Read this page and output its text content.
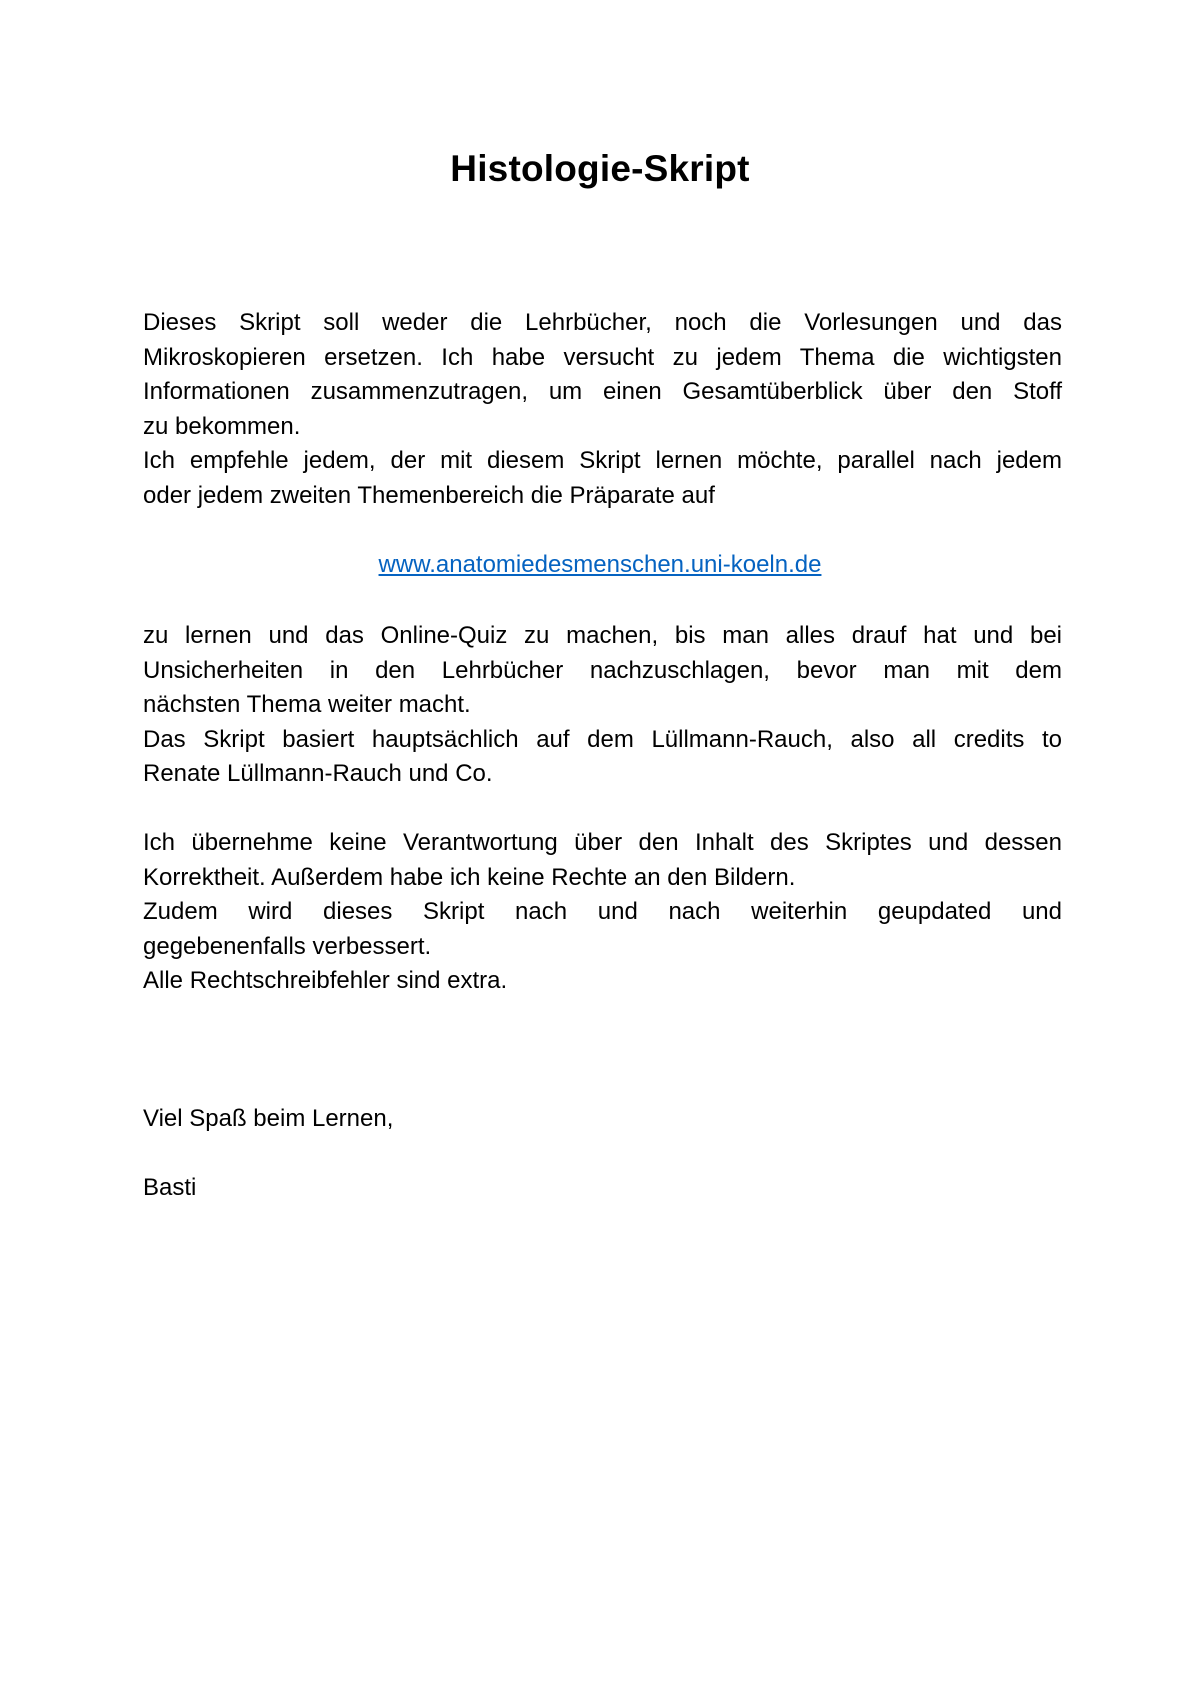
Histologie-Skript
Dieses Skript soll weder die Lehrbücher, noch die Vorlesungen und das
Mikroskopieren ersetzen. Ich habe versucht zu jedem Thema die wichtigsten
Informationen zusammenzutragen, um einen Gesamtüberblick über den Stoff
zu bekommen.
Ich empfehle jedem, der mit diesem Skript lernen möchte, parallel nach jedem
oder jedem zweiten Themenbereich die Präparate auf
www.anatomiedesmenschen.uni-koeln.de
zu lernen und das Online-Quiz zu machen, bis man alles drauf hat und bei
Unsicherheiten in den Lehrbücher nachzuschlagen, bevor man mit dem
nächsten Thema weiter macht.
Das Skript basiert hauptsächlich auf dem Lüllmann-Rauch, also all credits to
Renate Lüllmann-Rauch und Co.
Ich übernehme keine Verantwortung über den Inhalt des Skriptes und dessen
Korrektheit. Außerdem habe ich keine Rechte an den Bildern.
Zudem wird dieses Skript nach und nach weiterhin geupdated und
gegebenenfalls verbessert.
Alle Rechtschreibfehler sind extra.
Viel Spaß beim Lernen,
Basti
